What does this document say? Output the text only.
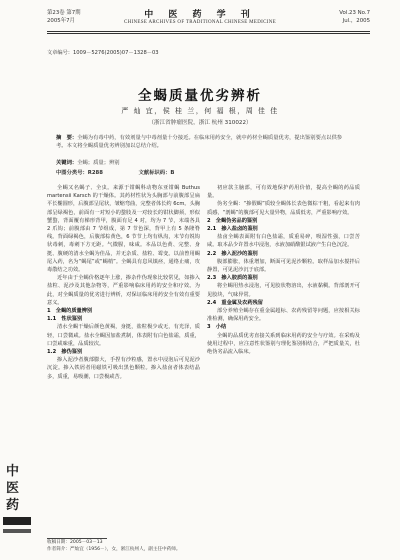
第23卷 第7期
2005年7月
中 医 药 学 刊
CHINESE ARCHIVES OF TRADITIONAL CHINESE MEDICINE
Vol.23 No.7
Jul.，2005
文章编号：1009－5276(2005)07－1328－03
全蝎质量优劣辨析
严 灿 宜，侯 桂 兰，何 福 根，周 佳 佳
（浙江省肿瘤医院，浙江 杭州 310022）
摘　要：全蝎为有毒中药，有效剂量与中毒剂量十分接近。在临床用药安全，就中药材全蝎质量优劣，提出鉴别要点以供参考。本文将全蝎质量优劣辨别加以总结介绍。
关键词：全蝎；质量；辨别
中图分类号：R288	文献标识码：B

全蝎又名蝎子、全虫。来源于钳蝎科动物东亚钳蝎 Buthus martensii Karsch 的干燥体。其药材性状为头胸部与前腹部呈扁平长椭圆形，后腹部呈尾状，皱缩弯曲，完整者体长约 6cm。头胸部呈绿褐色，前面有一对短小的螯肢及一对较长的钳状脚须，形似蟹螯，背面覆有梯形背甲，腹面有足 4 对，均为 7 节，末端各具 2 爪钩；前腹部由 7 节组成，第 7 节色深，背甲上有 5 条隆脊线。背面绿褐色，后腹部棕黄色，6 节节上均有纵沟，末节有锐钩状毒刺，毒刺下方无距。气微腥，味咸。本品以色黄、完整、身挺、腹硬的清水全蝎为佳品，并无杂质、盐粒、霉变。以前曾用蝎尾入药，名为“蝎尾”或“蝎梢”。全蝎具有息风镇痉，通络止痛，攻毒散结之功效。

近年由于全蝎价格逐年上涨，掺杂作伪现象比较常见，如掺入盐粒、泥沙及其他杂物等，严重影响临床用药的安全和疗效。为此，对全蝎质量的优劣进行辨析，对保证临床用药安全有效有重要意义。

1　全蝎的质量辨别

1.1　性状鉴别

清水全蝎干燥后颜色黄褐，身挺，盐粒极少或无，有光泽，质轻，口尝微咸。盐水全蝎因加盐煮制，体表附有白色盐霜，质重，口尝咸味重，品质较次。

1.2　掺伪鉴别

掺入泥沙者腹部膨大，手捏有沙粒感，置水中浸泡后可见泥沙沉淀。掺入铁屑者用磁铁可吸出黑色颗粒。掺入盐卤者体表结晶多，质重，易吸潮，口尝极咸苦。

初应款主脑部，可有效地保护药用价值，提高全蝎的药品质量。

伪劣全蝎：“掺假蝎”质较全蝎体长表色微棕干粗，看起来有肉质感，“剖蝎”的腹部可见大量异物，品质低劣，严重影响疗效。

2　全蝎伪劣品的鉴别

2.1　掺入盐卤的鉴别

盐卤全蝎表面附有白色盐霜，质重易碎，吸湿性强，口尝苦咸。取本品少许置水中浸泡，水液加硝酸银试液产生白色沉淀。

2.2　掺入泥沙的鉴别

腹部膨胀，体重增加，断面可见泥沙颗粒。取样品加水搅拌后静置，可见泥沙沉于底部。

2.3　掺入胶质的鉴别

将全蝎用热水浸泡，可见胶状物溶出，水液黏稠。背部剖开可见胶块，气味异常。

2.4　重金属及农药残留

部分养殖全蝎存在重金属超标、农药残留等问题，应按相关标准检测，确保用药安全。

3　小结

全蝎的品质优劣直接关系到临床用药的安全与疗效。在采购及使用过程中，应注意性状鉴别与理化鉴别相结合，严把质量关，杜绝伪劣品流入临床。

收稿日期：2005－03－13
作者简介：严灿宜（1956－），女，浙江杭州人，副主任中药师。
中
医
药
